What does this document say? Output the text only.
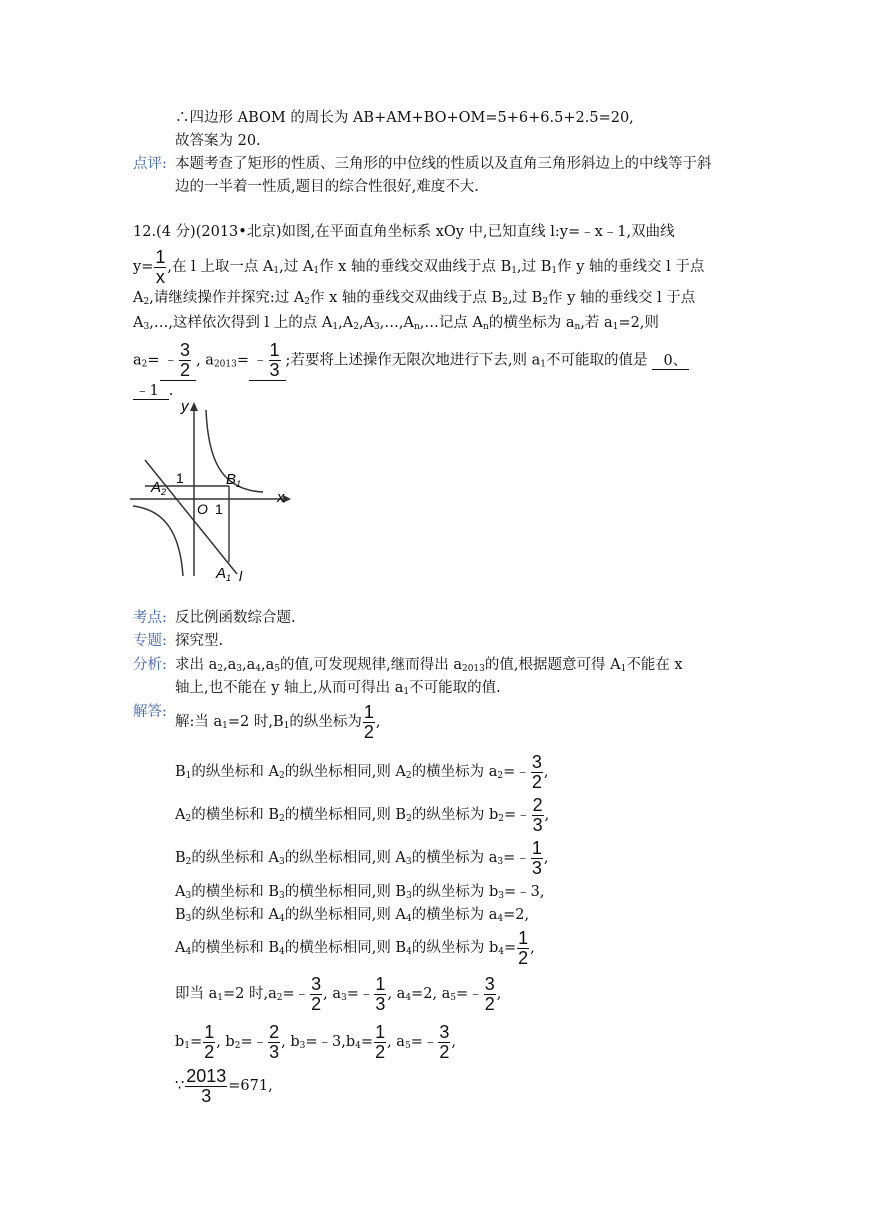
∴四边形 ABOM 的周长为 AB+AM+BO+OM=5+6+6.5+2.5=20,
故答案为 20.
点评: 本题考查了矩形的性质、三角形的中位线的性质以及直角三角形斜边上的中线等于斜
边的一半着一性质,题目的综合性很好,难度不大.
12.(4 分)(2013•北京)如图,在平面直角坐标系 xOy 中,已知直线 l:y=﹣x﹣1,双曲线
$y= \frac{1}{x}$ ,在 l 上取一点 $A_1$,过 $A_1$作 x 轴的垂线交双曲线于点 $B_1$,过 $B_1$作 y 轴的垂线交 l 于点
$A_2$,请继续操作并探究:过 $A_2$作 x 轴的垂线交双曲线于点 $B_2$,过 $B_2$作 y 轴的垂线交 l 于点
$A_3,\dots$,这样依次得到 l 上的点 $A_1,A_2,A_3,\dots,A_n,\dots$记点 $A_n$的横坐标为 $a_n$,若 $a_1=2$,则
$a_2=$ ﹣ $\frac{3}{2}$ , $a_{2013}=$ ﹣ $\frac{1}{3}$ ;若要将上述操作无限次地进行下去,则 $a_1$不可能取的值是 0、
﹣1 .
y
x
1
1
O
$B_1$
$A_2$
$A_1$ l
考点: 反比例函数综合题.
专题: 探究型.
分析: 求出 $a_2,a_3,a_4,a_5$的值,可发现规律,继而得出 $a_{2013}$的值,根据题意可得 $A_1$不能在 x
轴上,也不能在 y 轴上,从而可得出 $a_1$不可能取的值.
解答:
解:当 $a_1=2$ 时$,B_1$的纵坐标为 $\frac{1}{2}$ ,
$B_1$的纵坐标和 $A_2$的纵坐标相同,则 $A_2$的横坐标为 $a_2=﹣ \frac{3}{2}$ ,
$A_2$的横坐标和 $B_2$的横坐标相同,则 $B_2$的纵坐标为 $b_2=﹣ \frac{2}{3}$ ,
$B_2$的纵坐标和 $A_3$的纵坐标相同,则 $A_3$的横坐标为 $a_3=﹣ \frac{1}{3}$ ,
$A_3$的横坐标和 $B_3$的横坐标相同,则 $B_3$的纵坐标为 $b_3=﹣3$,
$B_3$的纵坐标和 $A_4$的纵坐标相同,则 $A_4$的横坐标为 $a_4=2$,
$A_4$的横坐标和 $B_4$的横坐标相同,则 $B_4$的纵坐标为 $b_4= \frac{1}{2}$ ,
即当 $a_1=2$ 时$,a_2=﹣ \frac{3}{2}$ , $a_3=﹣ \frac{1}{3}$ , $a_4=2$, $a_5=﹣ \frac{3}{2}$ ,
$b_1= \frac{1}{2}$ , $b_2=﹣ \frac{2}{3}$ , $b_3=﹣3,b_4= \frac{1}{2}$ , $a_5=﹣ \frac{3}{2}$ ,
∵ $\frac{2013}{3} =671$,
